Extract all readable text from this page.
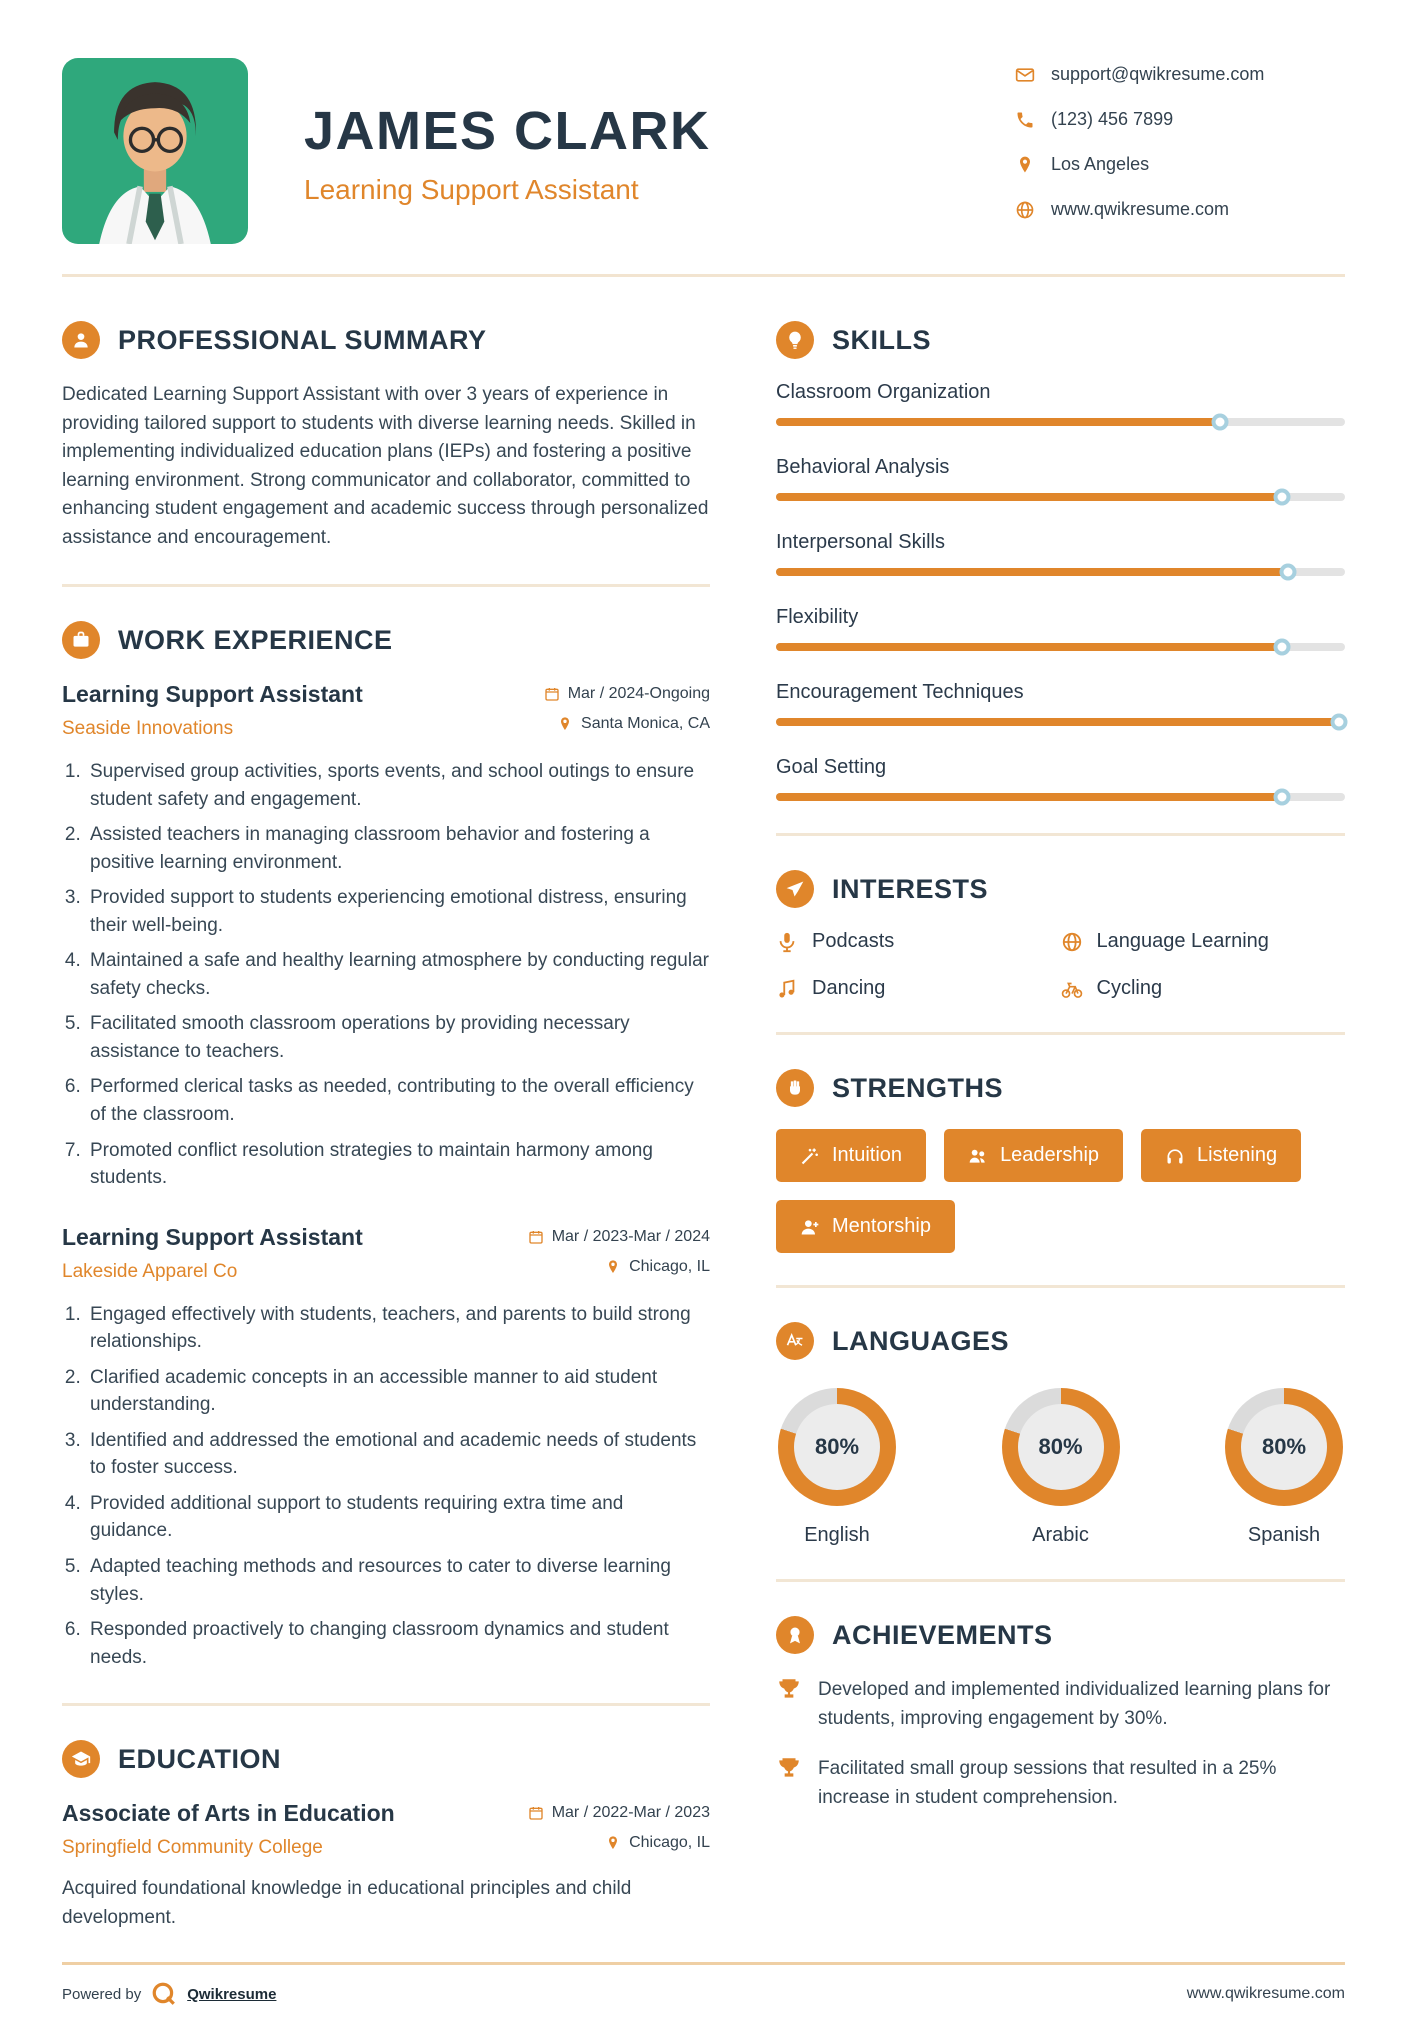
JAMES CLARK
Learning Support Assistant
support@qwikresume.com
(123) 456 7899
Los Angeles
www.qwikresume.com
PROFESSIONAL SUMMARY

Dedicated Learning Support Assistant with over 3 years of experience in providing tailored support to students with diverse learning needs. Skilled in implementing individualized education plans (IEPs) and fostering a positive learning environment. Strong communicator and collaborator, committed to enhancing student engagement and academic success through personalized assistance and encouragement.

WORK EXPERIENCE
Learning Support Assistant
Seaside Innovations
Mar / 2024-Ongoing
Santa Monica, CA
1. Supervised group activities, sports events, and school outings to ensure student safety and engagement.
2. Assisted teachers in managing classroom behavior and fostering a positive learning environment.
3. Provided support to students experiencing emotional distress, ensuring their well-being.
4. Maintained a safe and healthy learning atmosphere by conducting regular safety checks.
5. Facilitated smooth classroom operations by providing necessary assistance to teachers.
6. Performed clerical tasks as needed, contributing to the overall efficiency of the classroom.
7. Promoted conflict resolution strategies to maintain harmony among students.
Learning Support Assistant
Lakeside Apparel Co
Mar / 2023-Mar / 2024
Chicago, IL
1. Engaged effectively with students, teachers, and parents to build strong relationships.
2. Clarified academic concepts in an accessible manner to aid student understanding.
3. Identified and addressed the emotional and academic needs of students to foster success.
4. Provided additional support to students requiring extra time and guidance.
5. Adapted teaching methods and resources to cater to diverse learning styles.
6. Responded proactively to changing classroom dynamics and student needs.
EDUCATION
Associate of Arts in Education
Springfield Community College
Mar / 2022-Mar / 2023
Chicago, IL

Acquired foundational knowledge in educational principles and child development.

SKILLS
Classroom Organization
Behavioral Analysis
Interpersonal Skills
Flexibility
Encouragement Techniques
Goal Setting
INTERESTS
Podcasts	Language Learning
Dancing	Cycling
STRENGTHS
Intuition	Leadership	Listening
Mentorship
LANGUAGES
80%
English
80%
Arabic
80%
Spanish
ACHIEVEMENTS
Developed and implemented individualized learning plans for students, improving engagement by 30%.
Facilitated small group sessions that resulted in a 25% increase in student comprehension.
Powered by	Qwikresume	www.qwikresume.com
